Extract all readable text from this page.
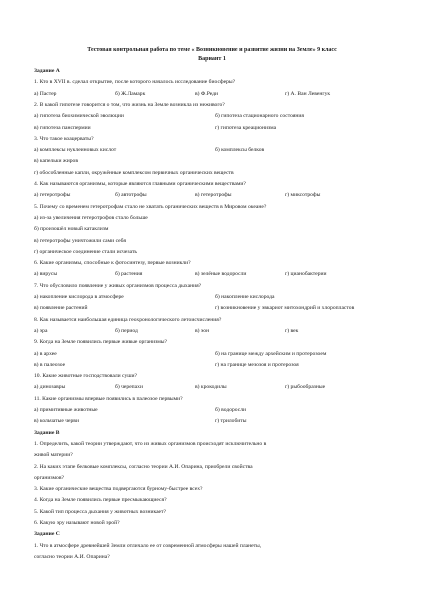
Тестовая контрольная работа по теме « Возникновение и развитие жизни на Земле» 9 класс
Вариант 1
Задание А
1. Кто в XVII в. сделал открытие, после которого началось исследование биосферы?
а) Пастер	б) Ж.Ламарк	в) Ф.Реди	г) А. Ван Левенгук
2. В какой гипотезе говорится о том, что жизнь на Земле возникла из неживого?
а) гипотеза биохимической эволюции	б) гипотеза стационарного состояния
в) гипотеза панспермии	г) гипотеза креационизма
3. Что такое коацерваты?
а) комплексы нуклеиновых кислот	б) комплексы белков
в) капельки жиров
г) обособленные капли, окружённые комплексом первичных органических веществ
4. Как называются организмы, которые являются главными органическими веществами?
а) гетеротрофы	б) автотрофы	в) гетеротрофы	г) миксотрофы
5. Почему со временем гетеротрофам стало не хватать органических веществ в Мировом океане?
а) из-за увеличения гетеротрофов стало больше
б) произошёл новый катаклизм
в) гетеротрофы уничтожили сами себя
г) органическое соединение стали исчезать
6. Какие организмы, способные к фотосинтезу, первые возникли?
а) вирусы	б) растения	в) зелёные водоросли	г) цианобактерии
7. Что обусловило появление у живых организмов процесса дыхания?
а) накопление кислорода в атмосфере	б) накопление кислорода
в) появление растений	г) возникновение у эвкариот митохондрий и хлоропластов
8. Как называется наибольшая единица геохронологического летоисчисления?
а) эра	б) период	в) эон	г) век
9. Когда на Земле появились первые живые организмы?
а) в архее	б) на границе между архейским и протерозоем
в) в палеозое	г) на границе мезозоя и протерозоя
10. Какие животные господствовали суши?
а) динозавры	б) черепахи	в) крокодилы	г) рыбообразные
11. Какие организмы впервые появились в палеозое первыми?
а) примитивные животные	б) водоросли
в) кольчатые черви	г) трилобиты
Задание В
1. Определить, какой теории утверждают, что из живых организмов происходят исключительно в
живой материи?
2. На каких этапе белковые комплексы, согласно теории А.И. Опарина, приобрели свойства
организмов?
3. Какие органические вещества подвергаются бурному-быстрее всех?
4. Когда на Земле появились первые пресмыкающиеся?
5. Какой тип процесса дыхания у животных возникает?
6. Какую эру называют новой эрой?
Задание С
1. Что в атмосфере древнейшей Земли отличало ее от современной атмосферы нашей планеты,
согласно теории А.И. Опарина?
